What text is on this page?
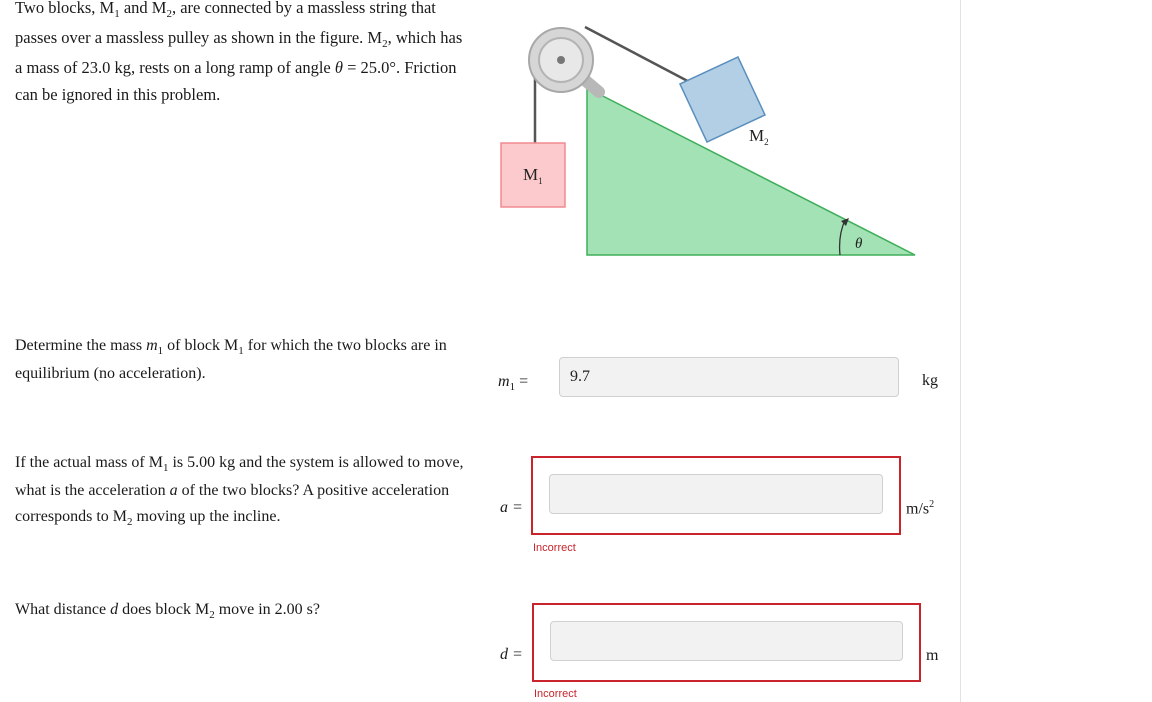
Two blocks, $M_1$ and $M_2$, are connected by a massless string that passes over a massless pulley as shown in the figure. $M_2$, which has a mass of 23.0 kg, rests on a long ramp of angle θ = 25.0°. Friction can be ignored in this problem.

$M_1$
$M_2$
θ
Determine the mass $m_1$ of block $M_1$ for which the two blocks are in equilibrium (no acceleration).	$m_1$ =	9.7	kg
If the actual mass of $M_1$ is 5.00 kg and the system is allowed to move, what is the acceleration a of the two blocks? A positive acceleration corresponds to $M_2$ moving up the incline.
a =	$m/s^2$
Incorrect
What distance d does block $M_2$ move in 2.00 s?
d =	m
Incorrect
